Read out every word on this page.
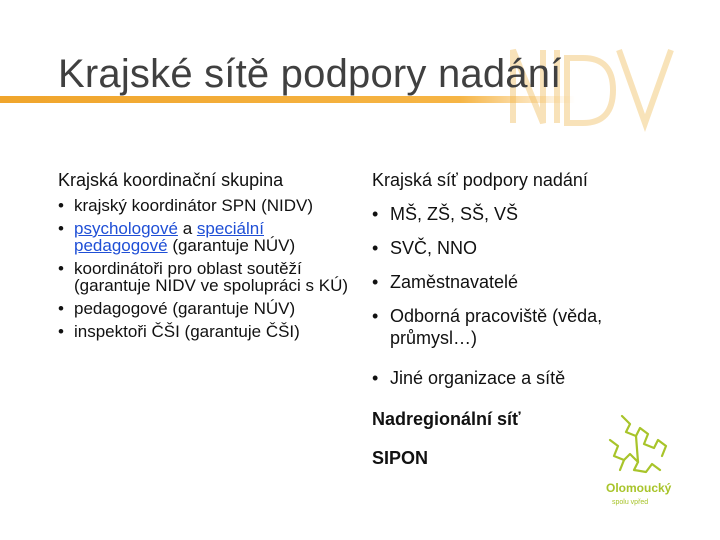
Krajské sítě podpory nadání
Krajská koordinační skupina
• krajský koordinátor SPN (NIDV)
• psychologové a speciální pedagogové (garantuje NÚV)
• koordinátoři pro oblast soutěží (garantuje NIDV ve spolupráci s KÚ)
• pedagogové (garantuje NÚV)
• inspektoři ČŠI (garantuje ČŠI)
Krajská síť podpory nadání
• MŠ, ZŠ, SŠ, VŠ
• SVČ, NNO
• Zaměstnavatelé
• Odborná pracoviště (věda, průmysl…)
• Jiné organizace a sítě
Nadregionální síť
SIPON
Olomoucký
spolu vpřed
